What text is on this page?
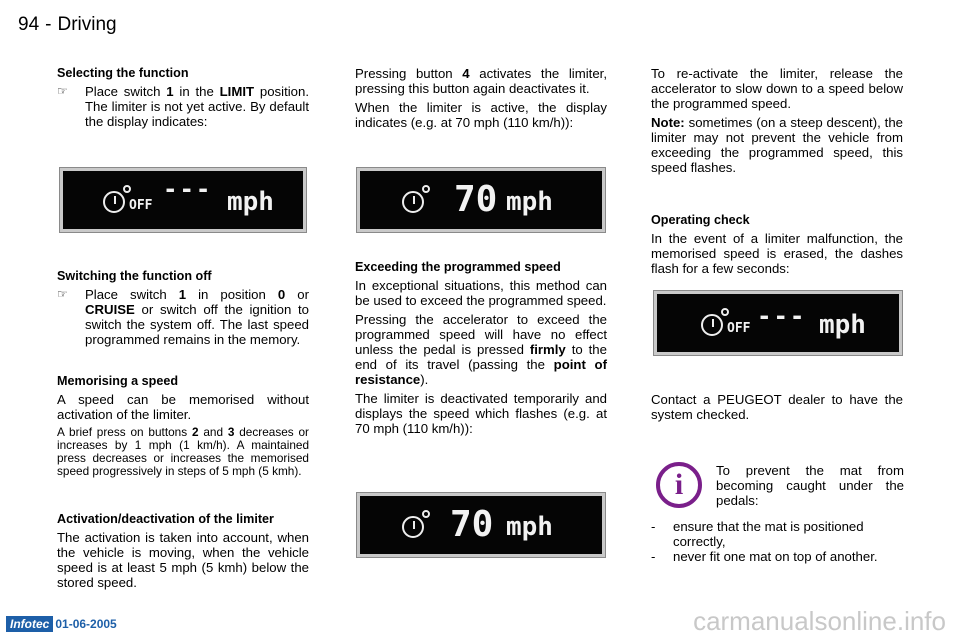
94 - Driving
Selecting the function
☞	Place switch 1 in the LIMIT position. The limiter is not yet active. By default the display indicates:
Switching the function off
☞	Place switch 1 in position 0 or CRUISE or switch off the ignition to switch the system off. The last speed programmed remains in the memory.
Memorising a speed

A speed can be memorised without activation of the limiter.

A brief press on buttons 2 and 3 decreases or increases by 1 mph (1 km/h). A maintained press decreases or increases the memorised speed progressively in steps of 5 mph (5 kmh).

Activation/deactivation of the limiter

The activation is taken into account, when the vehicle is moving, when the vehicle speed is at least 5 mph (5 kmh) below the stored speed.

Pressing button 4 activates the limiter, pressing this button again deactivates it.

When the limiter is active, the display indicates (e.g. at 70 mph (110 km/h)):

Exceeding the programmed speed

In exceptional situations, this method can be used to exceed the programmed speed.

Pressing the accelerator to exceed the programmed speed will have no effect unless the pedal is pressed firmly to the end of its travel (passing the point of resistance).

The limiter is deactivated temporarily and displays the speed which flashes (e.g. at 70 mph (110 km/h)):

To re-activate the limiter, release the accelerator to slow down to a speed below the programmed speed.

Note: sometimes (on a steep descent), the limiter may not prevent the vehicle from exceeding the programmed speed, this speed flashes.

Operating check

In the event of a limiter malfunction, the memorised speed is erased, the dashes flash for a few seconds:

Contact a PEUGEOT dealer to have the system checked.

OFF
--- mph	70 mph
OFF --- mph
70 mph
i	To prevent the mat from becoming caught under the pedals:

-	ensure that the mat is positioned correctly,
-	never fit one mat on top of another.
Infotec 01-06-2005	carmanualsonline.info
